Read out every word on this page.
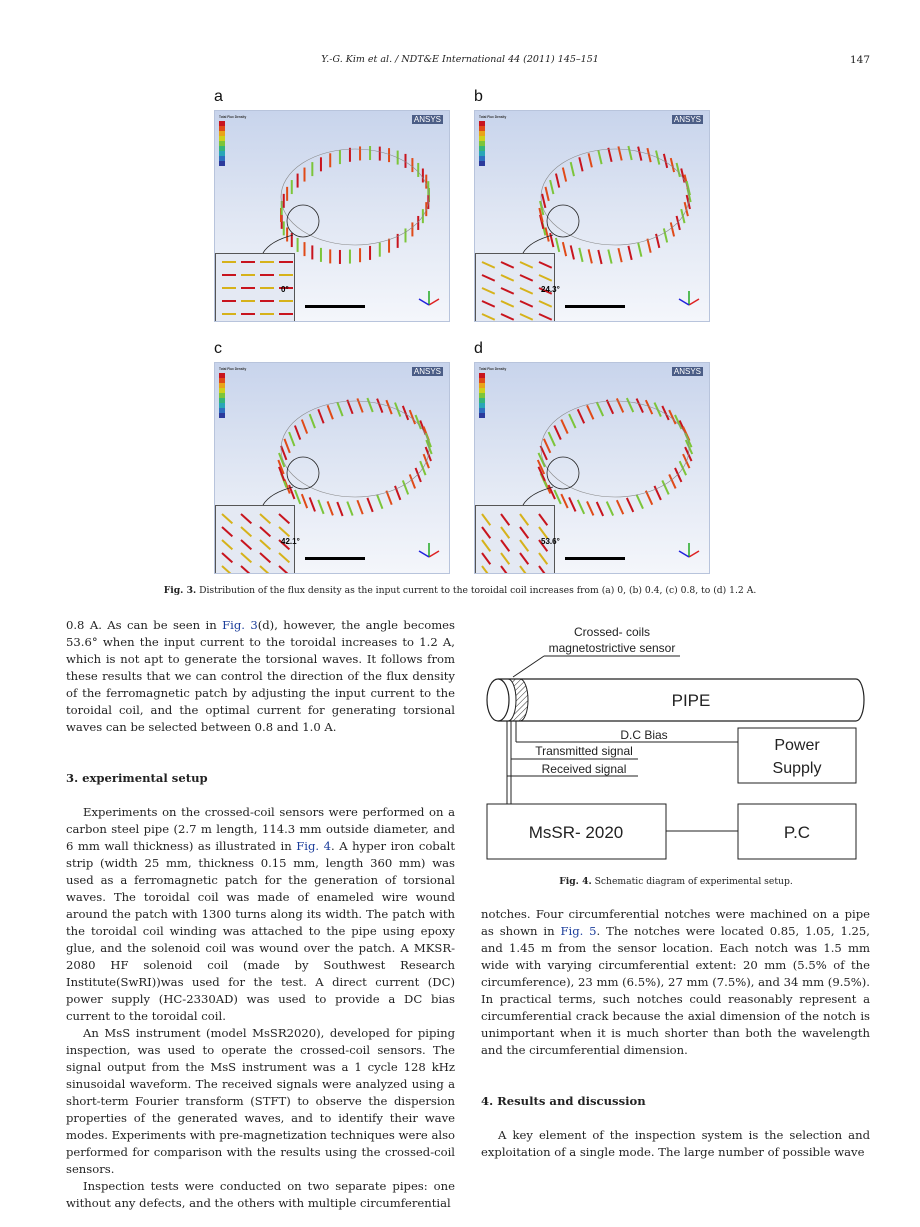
Y.-G. Kim et al. / NDT&E International 44 (2011) 145–151	147
a
Total Flux Density	ANSYS
0°
b
Total Flux Density	ANSYS
24.3°
c
Total Flux Density	ANSYS
42.1°
d
Total Flux Density	ANSYS
53.6°
Fig. 3. Distribution of the flux density as the input current to the toroidal coil increases from (a) 0, (b) 0.4, (c) 0.8, to (d) 1.2 A.

0.8 A. As can be seen in Fig. 3(d), however, the angle becomes 53.6° when the input current to the toroidal increases to 1.2 A, which is not apt to generate the torsional waves. It follows from these results that we can control the direction of the flux density of the ferromagnetic patch by adjusting the input current to the toroidal coil, and the optimal current for generating torsional waves can be selected between 0.8 and 1.0 A.

3. experimental setup

Experiments on the crossed-coil sensors were performed on a carbon steel pipe (2.7 m length, 114.3 mm outside diameter, and 6 mm wall thickness) as illustrated in Fig. 4. A hyper iron cobalt strip (width 25 mm, thickness 0.15 mm, length 360 mm) was used as a ferromagnetic patch for the generation of torsional waves. The toroidal coil was made of enameled wire wound around the patch with 1300 turns along its width. The patch with the toroidal coil winding was attached to the pipe using epoxy glue, and the solenoid coil was wound over the patch. A MKSR-2080 HF solenoid coil (made by Southwest Research Institute(SwRI))was used for the test. A direct current (DC) power supply (HC-2330AD) was used to provide a DC bias current to the toroidal coil.

An MsS instrument (model MsSR2020), developed for piping inspection, was used to operate the crossed-coil sensors. The signal output from the MsS instrument was a 1 cycle 128 kHz sinusoidal waveform. The received signals were analyzed using a short-term Fourier transform (STFT) to observe the dispersion properties of the generated waves, and to identify their wave modes. Experiments with pre-magnetization techniques were also performed for comparison with the results using the crossed-coil sensors.

Inspection tests were conducted on two separate pipes: one without any defects, and the others with multiple circumferential

Crossed- coils
magnetostrictive sensor
PIPE
D.C Bias
Transmitted signal
Received signal
Power
Supply
MsSR- 2020	P.C
Fig. 4. Schematic diagram of experimental setup.

notches. Four circumferential notches were machined on a pipe as shown in Fig. 5. The notches were located 0.85, 1.05, 1.25, and 1.45 m from the sensor location. Each notch was 1.5 mm wide with varying circumferential extent: 20 mm (5.5% of the circumference), 23 mm (6.5%), 27 mm (7.5%), and 34 mm (9.5%). In practical terms, such notches could reasonably represent a circumferential crack because the axial dimension of the notch is unimportant when it is much shorter than both the wavelength and the circumferential dimension.

4. Results and discussion

A key element of the inspection system is the selection and exploitation of a single mode. The large number of possible wave
